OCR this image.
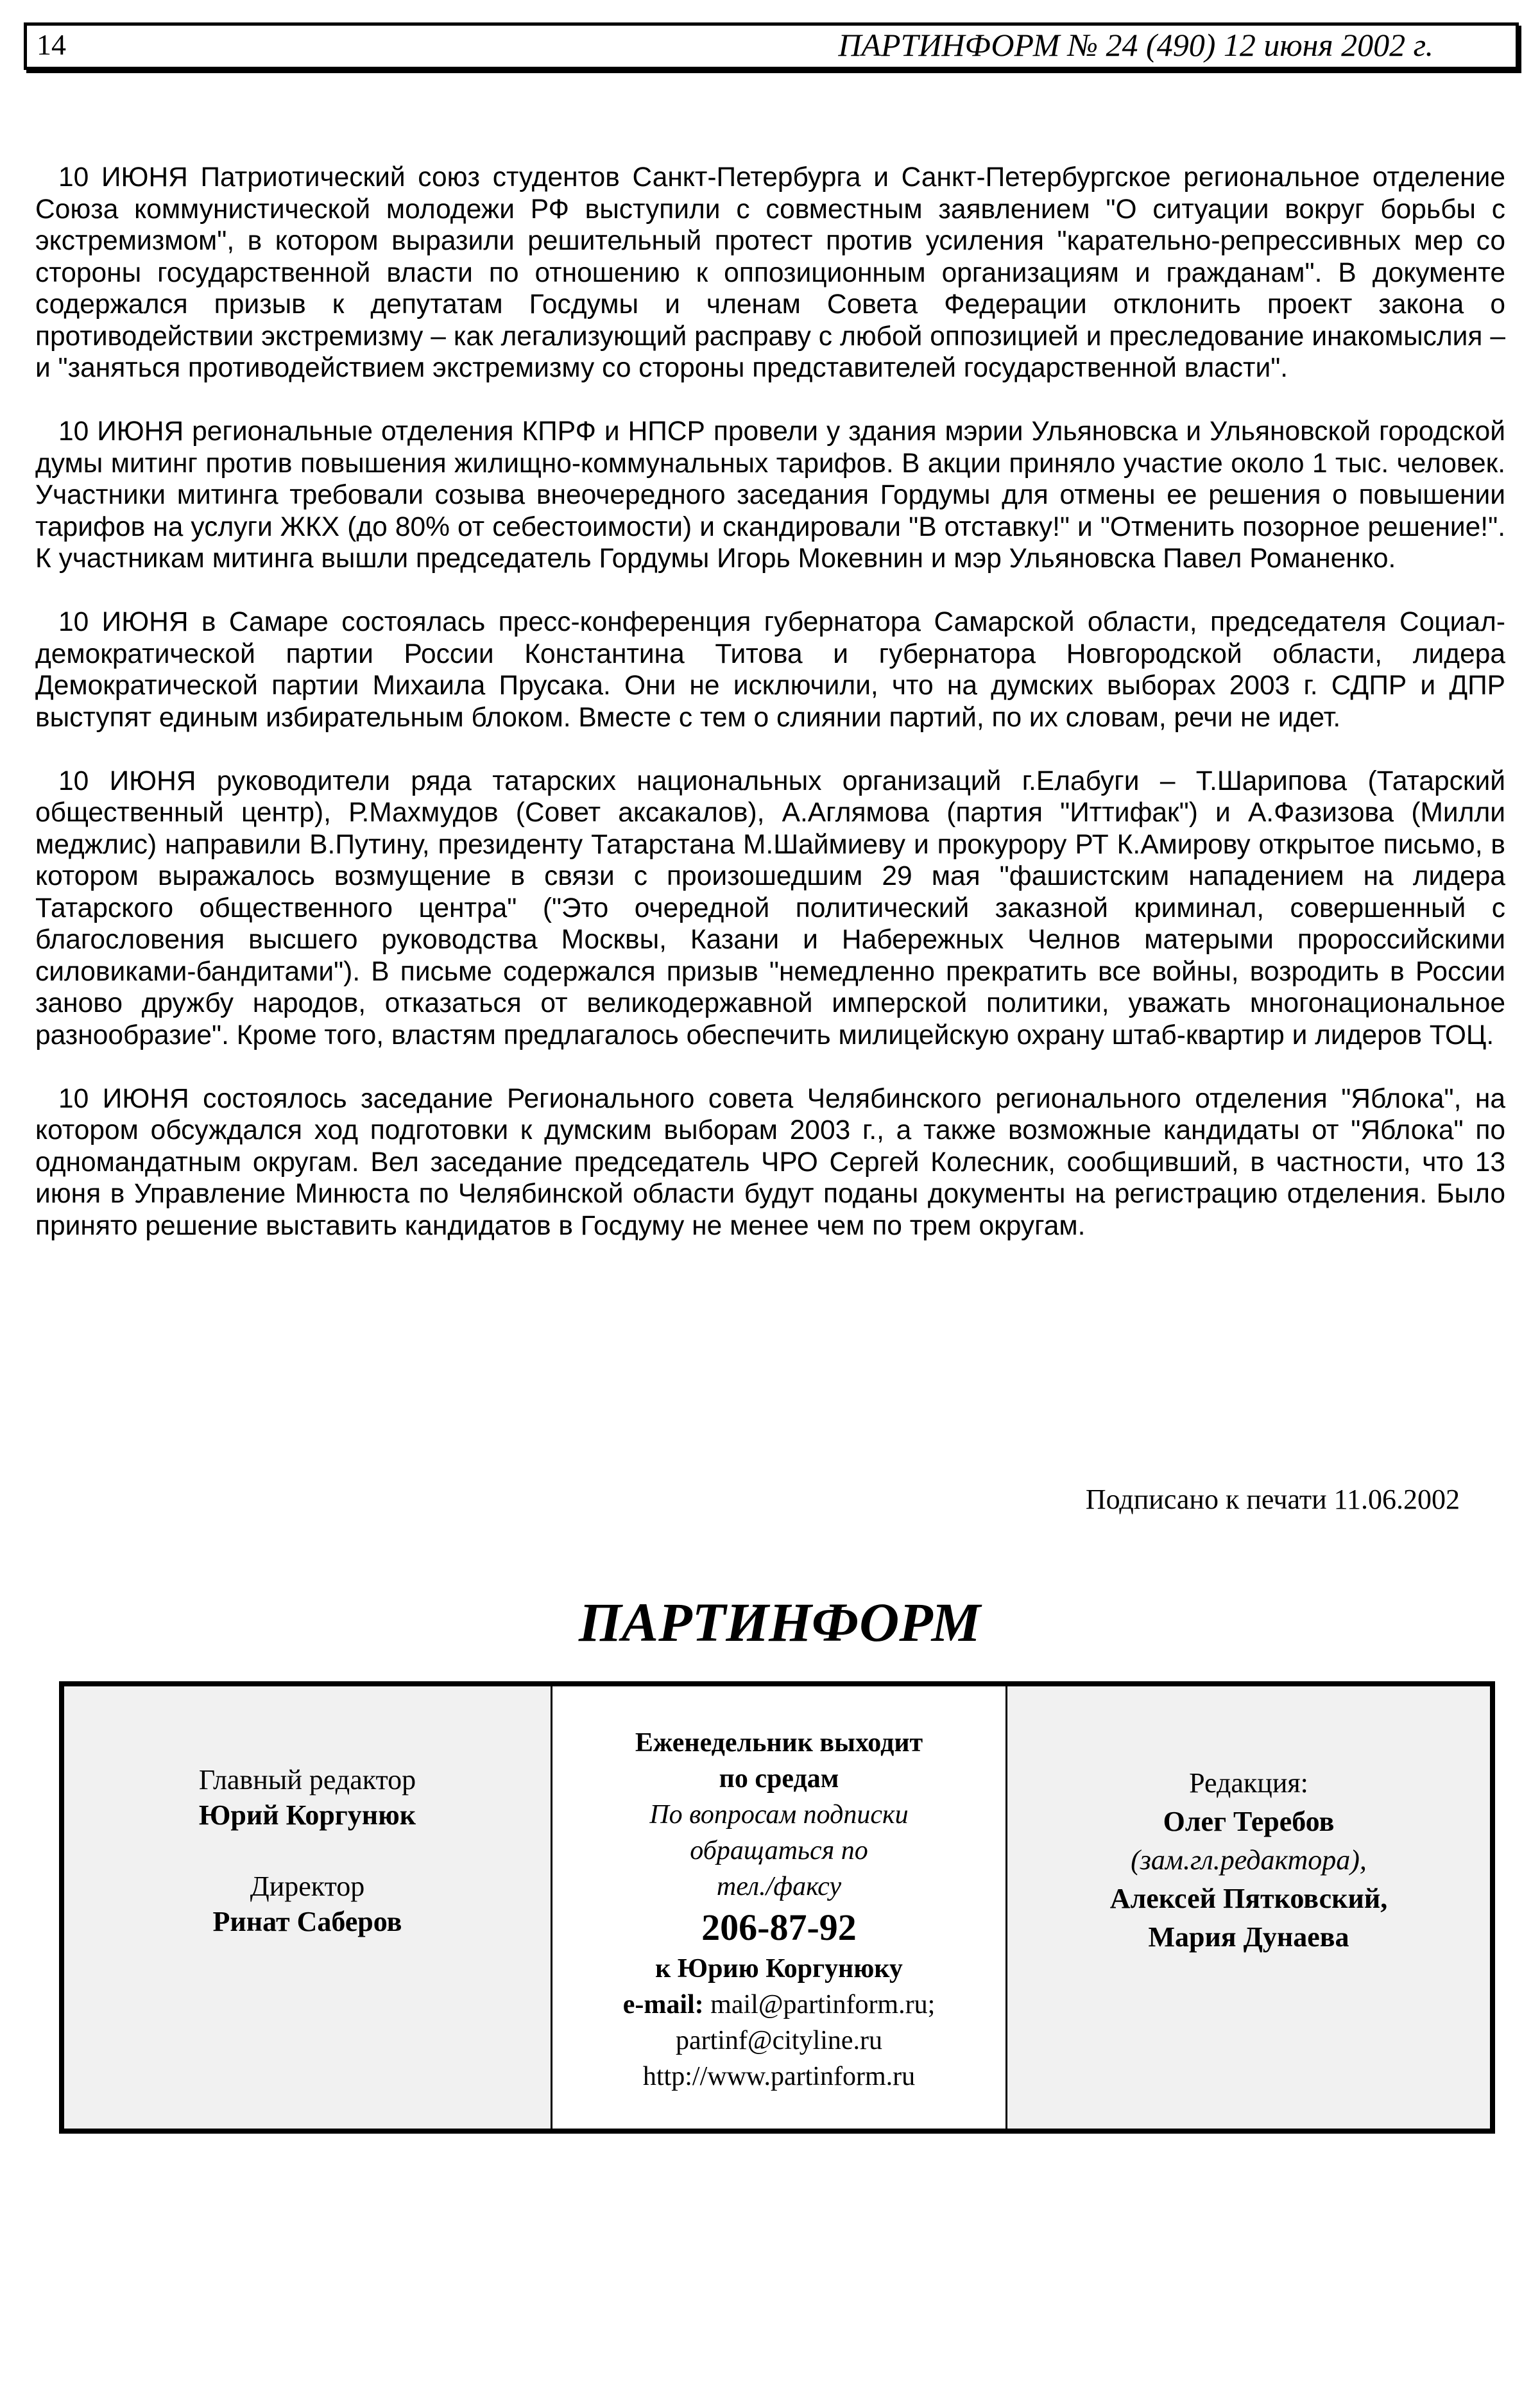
14	ПАРТИНФОРМ № 24 (490) 12 июня 2002 г.

10 ИЮНЯ Патриотический союз студентов Санкт-Петербурга и Санкт-Петербургское региональное отделение Союза коммунистической молодежи РФ выступили с совместным заявлением "О ситуации вокруг борьбы с экстремизмом", в котором выразили решительный протест против усиления "карательно-репрессивных мер со стороны государственной власти по отношению к оппозиционным организациям и гражданам". В документе содержался призыв к депутатам Госдумы и членам Совета Федерации отклонить проект закона о противодействии экстремизму – как легализующий расправу с любой оппозицией и преследование инакомыслия – и "заняться противодействием экстремизму со стороны представителей государственной власти".

10 ИЮНЯ региональные отделения КПРФ и НПСР провели у здания мэрии Ульяновска и Ульяновской городской думы митинг против повышения жилищно-коммунальных тарифов. В акции приняло участие около 1 тыс. человек. Участники митинга требовали созыва внеочередного заседания Гордумы для отмены ее решения о повышении тарифов на услуги ЖКХ (до 80% от себестоимости) и скандировали "В отставку!" и "Отменить позорное решение!". К участникам митинга вышли председатель Гордумы Игорь Мокевнин и мэр Ульяновска Павел Романенко.

10 ИЮНЯ в Самаре состоялась пресс-конференция губернатора Самарской области, председателя Социал-демократической партии России Константина Титова и губернатора Новгородской области, лидера Демократической партии Михаила Прусака. Они не исключили, что на думских выборах 2003 г. СДПР и ДПР выступят единым избирательным блоком. Вместе с тем о слиянии партий, по их словам, речи не идет.

10 ИЮНЯ руководители ряда татарских национальных организаций г.Елабуги – Т.Шарипова (Татарский общественный центр), Р.Махмудов (Совет аксакалов), А.Аглямова (партия "Иттифак") и А.Фазизова (Милли меджлис) направили В.Путину, президенту Татарстана М.Шаймиеву и прокурору РТ К.Амирову открытое письмо, в котором выражалось возмущение в связи с произошедшим 29 мая "фашистским нападением на лидера Татарского общественного центра" ("Это очередной политический заказной криминал, совершенный с благословения высшего руководства Москвы, Казани и Набережных Челнов матерыми пророссийскими силовиками-бандитами"). В письме содержался призыв "немедленно прекратить все войны, возродить в России заново дружбу народов, отказаться от великодержавной имперской политики, уважать многонациональное разнообразие". Кроме того, властям предлагалось обеспечить милицейскую охрану штаб-квартир и лидеров ТОЦ.

10 ИЮНЯ состоялось заседание Регионального совета Челябинского регионального отделения "Яблока", на котором обсуждался ход подготовки к думским выборам 2003 г., а также возможные кандидаты от "Яблока" по одномандатным округам. Вел заседание председатель ЧРО Сергей Колесник, сообщивший, в частности, что 13 июня в Управление Минюста по Челябинской области будут поданы документы на регистрацию отделения. Было принято решение выставить кандидатов в Госдуму не менее чем по трем округам.

Подписано к печати 11.06.2002
ПАРТИНФОРМ
Главный редактор
Юрий Коргунюк
Директор
Ринат Саберов
Еженедельник выходит
по средам
По вопросам подписки
обращаться по
тел./факсу
206-87-92
к Юрию Коргунюку
e-mail: mail@partinform.ru;
partinf@cityline.ru
http://www.partinform.ru
Редакция:
Олег Теребов
(зам.гл.редактора),
Алексей Пятковский,
Мария Дунаева
